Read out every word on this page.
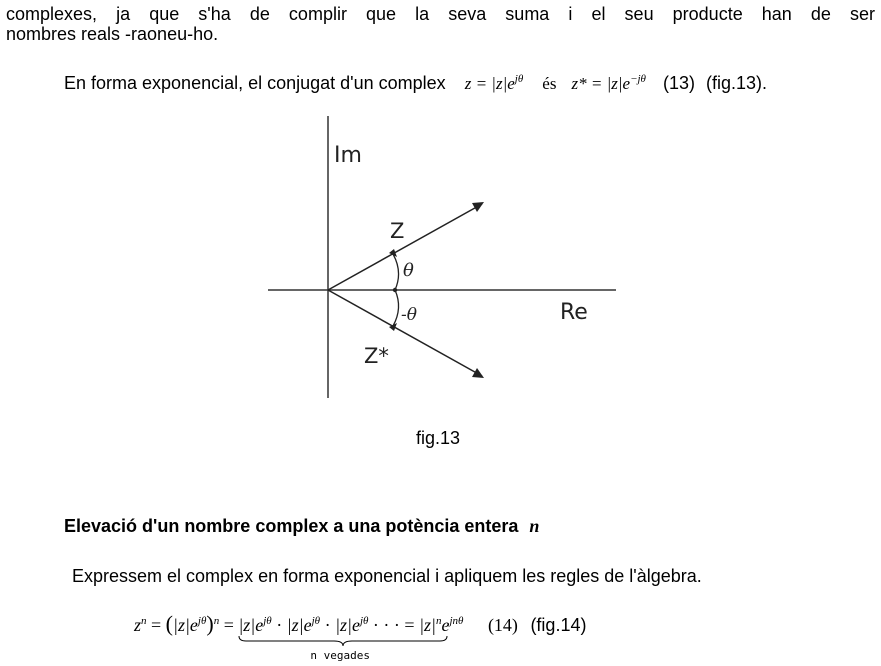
complexes, ja que s'ha de complir que la seva suma i el seu producte han de ser
nombres reals -raoneu-ho.
En forma exponencial, el conjugat d'un complex $z = |z|e^{j\theta}$ és $z* = |z|e^{-j\theta}$ (13) (fig.13).
Im
Re
Z
Z*
θ
-θ
fig.13
Elevació d'un nombre complex a una potència entera n
Expressem el complex en forma exponencial i apliquem les regles de l'àlgebra.
$z^n = (|z|e^{j\theta})^n = |z|e^{j\theta} \cdot |z|e^{j\theta} \cdot |z|e^{j\theta}$ · · ·
n vegades
= $|z|^ne^{jn\theta}$ (14) (fig.14)
